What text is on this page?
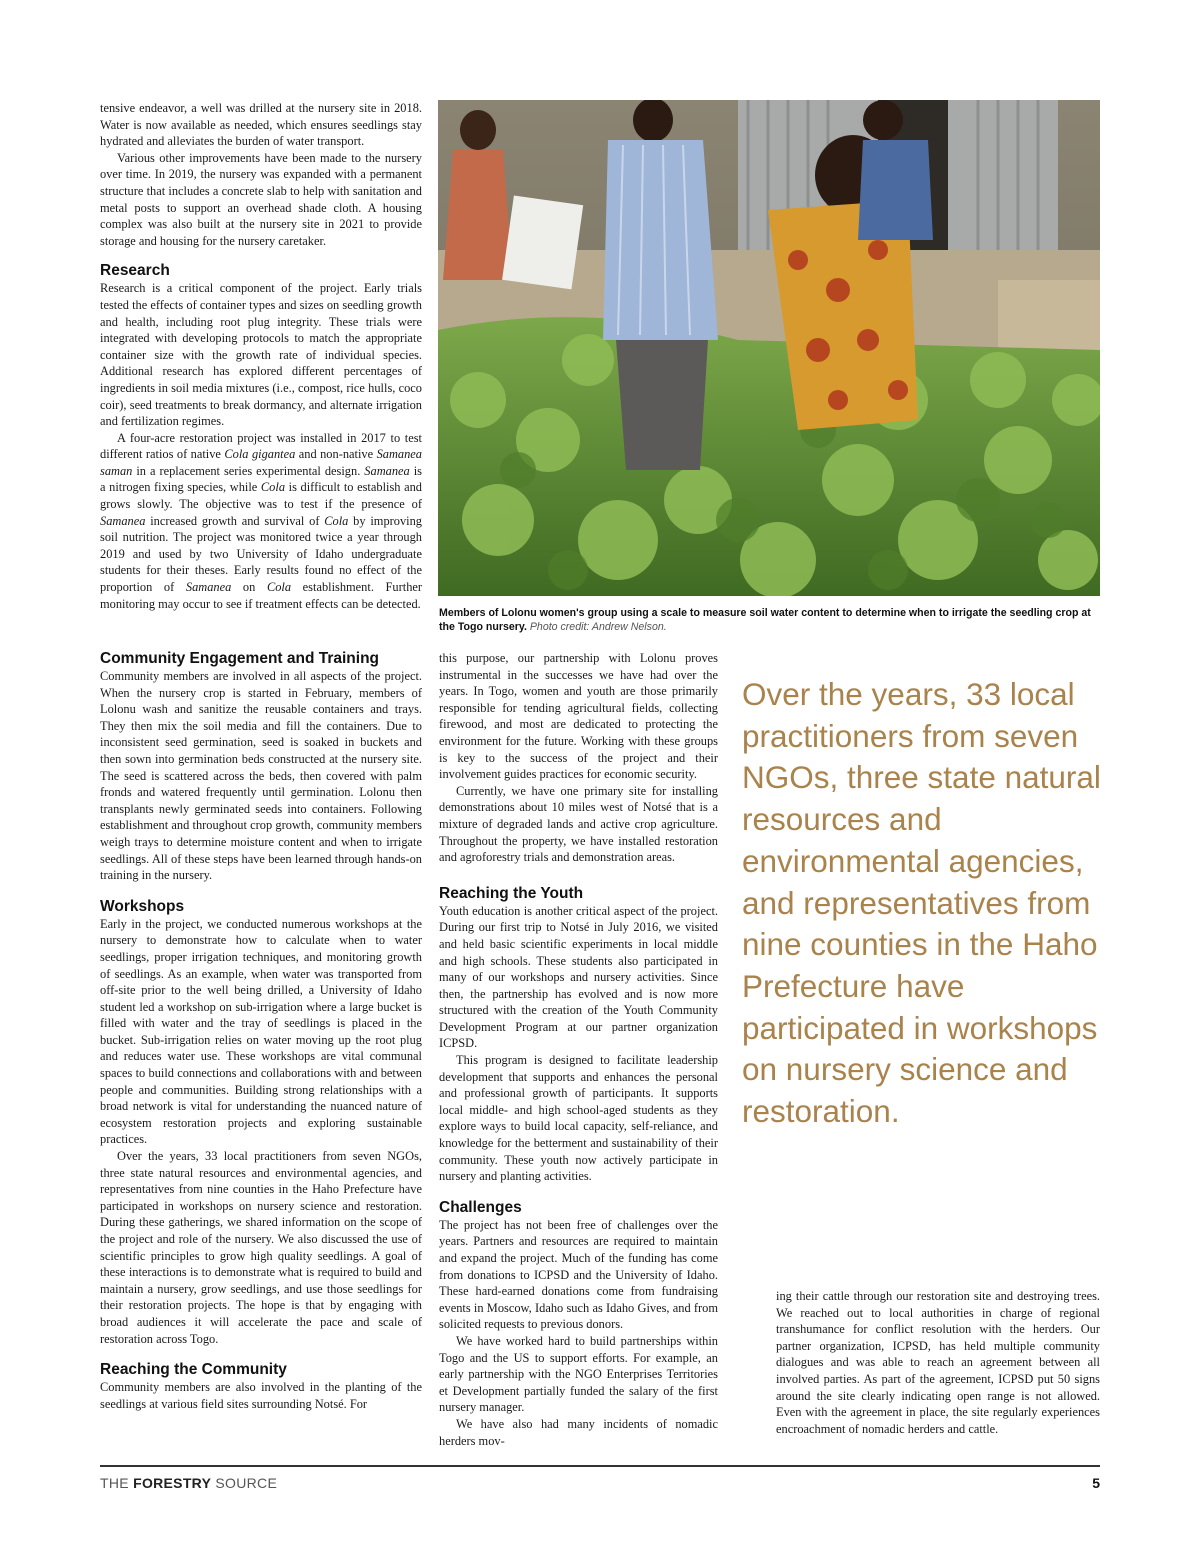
tensive endeavor, a well was drilled at the nursery site in 2018. Water is now available as needed, which ensures seedlings stay hydrated and alleviates the burden of water transport.

Various other improvements have been made to the nursery over time. In 2019, the nursery was expanded with a permanent structure that includes a concrete slab to help with sanitation and metal posts to support an overhead shade cloth. A housing complex was also built at the nursery site in 2021 to provide storage and housing for the nursery caretaker.

Research

Research is a critical component of the project. Early trials tested the effects of container types and sizes on seedling growth and health, including root plug integrity. These trials were integrated with developing protocols to match the appropriate container size with the growth rate of individual species. Additional research has explored different percentages of ingredients in soil media mixtures (i.e., compost, rice hulls, coco coir), seed treatments to break dormancy, and alternate irrigation and fertilization regimes.

A four-acre restoration project was installed in 2017 to test different ratios of native Cola gigantea and non-native Samanea saman in a replacement series experimental design. Samanea is a nitrogen fixing species, while Cola is difficult to establish and grows slowly. The objective was to test if the presence of Samanea increased growth and survival of Cola by improving soil nutrition. The project was monitored twice a year through 2019 and used by two University of Idaho undergraduate students for their theses. Early results found no effect of the proportion of Samanea on Cola establishment. Further monitoring may occur to see if treatment effects can be detected.

Community Engagement and Training

Community members are involved in all aspects of the project. When the nursery crop is started in February, members of Lolonu wash and sanitize the reusable containers and trays. They then mix the soil media and fill the containers. Due to inconsistent seed germination, seed is soaked in buckets and then sown into germination beds constructed at the nursery site. The seed is scattered across the beds, then covered with palm fronds and watered frequently until germination. Lolonu then transplants newly germinated seeds into containers. Following establishment and throughout crop growth, community members weigh trays to determine moisture content and when to irrigate seedlings. All of these steps have been learned through hands-on training in the nursery.

Workshops

Early in the project, we conducted numerous workshops at the nursery to demonstrate how to calculate when to water seedlings, proper irrigation techniques, and monitoring growth of seedlings. As an example, when water was transported from off-site prior to the well being drilled, a University of Idaho student led a workshop on sub-irrigation where a large bucket is filled with water and the tray of seedlings is placed in the bucket. Sub-irrigation relies on water moving up the root plug and reduces water use. These workshops are vital communal spaces to build connections and collaborations with and between people and communities. Building strong relationships with a broad network is vital for understanding the nuanced nature of ecosystem restoration projects and exploring sustainable practices.

Over the years, 33 local practitioners from seven NGOs, three state natural resources and environmental agencies, and representatives from nine counties in the Haho Prefecture have participated in workshops on nursery science and restoration. During these gatherings, we shared information on the scope of the project and role of the nursery. We also discussed the use of scientific principles to grow high quality seedlings. A goal of these interactions is to demonstrate what is required to build and maintain a nursery, grow seedlings, and use those seedlings for their restoration projects. The hope is that by engaging with broad audiences it will accelerate the pace and scale of restoration across Togo.

Reaching the Community

Community members are also involved in the planting of the seedlings at various field sites surrounding Notsé. For

Members of Lolonu women's group using a scale to measure soil water content to determine when to irrigate the seedling crop at the Togo nursery. Photo credit: Andrew Nelson.

this purpose, our partnership with Lolonu proves instrumental in the successes we have had over the years. In Togo, women and youth are those primarily responsible for tending agricultural fields, collecting firewood, and most are dedicated to protecting the environment for the future. Working with these groups is key to the success of the project and their involvement guides practices for economic security.

Currently, we have one primary site for installing demonstrations about 10 miles west of Notsé that is a mixture of degraded lands and active crop agriculture. Throughout the property, we have installed restoration and agroforestry trials and demonstration areas.

Reaching the Youth

Youth education is another critical aspect of the project. During our first trip to Notsé in July 2016, we visited and held basic scientific experiments in local middle and high schools. These students also participated in many of our workshops and nursery activities. Since then, the partnership has evolved and is now more structured with the creation of the Youth Community Development Program at our partner organization ICPSD.

This program is designed to facilitate leadership development that supports and enhances the personal and professional growth of participants. It supports local middle- and high school-aged students as they explore ways to build local capacity, self-reliance, and knowledge for the betterment and sustainability of their community. These youth now actively participate in nursery and planting activities.

Challenges

The project has not been free of challenges over the years. Partners and resources are required to maintain and expand the project. Much of the funding has come from donations to ICPSD and the University of Idaho. These hard-earned donations come from fundraising events in Moscow, Idaho such as Idaho Gives, and from solicited requests to previous donors.

We have worked hard to build partnerships within Togo and the US to support efforts. For example, an early partnership with the NGO Enterprises Territories et Development partially funded the salary of the first nursery manager.

We have also had many incidents of nomadic herders mov-

Over the years, 33 local practitioners from seven NGOs, three state natural resources and environmental agencies, and representatives from nine counties in the Haho Prefecture have participated in workshops on nursery science and restoration.

ing their cattle through our restoration site and destroying trees. We reached out to local authorities in charge of regional transhumance for conflict resolution with the herders. Our partner organization, ICPSD, has held multiple community dialogues and was able to reach an agreement between all involved parties. As part of the agreement, ICPSD put 50 signs around the site clearly indicating open range is not allowed. Even with the agreement in place, the site regularly experiences encroachment of nomadic herders and cattle.

THE FORESTRY SOURCE	5
